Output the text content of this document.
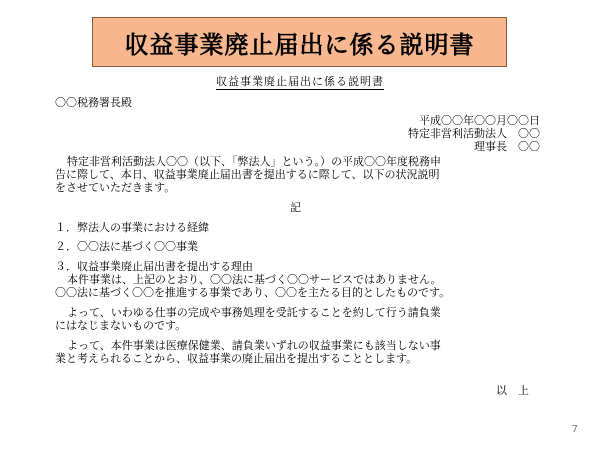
収益事業廃止届出に係る説明書
収益事業廃止届出に係る説明書
〇〇税務署長殿
平成〇〇年〇〇月〇〇日
特定非営利活動法人　〇〇
理事長　〇〇
特定非営利活動法人〇〇（以下、「弊法人」という。）の平成〇〇年度税務申
告に際して、本日、収益事業廃止届出書を提出するに際して、以下の状況説明
をさせていただきます。
記
１．弊法人の事業における経緯
２．〇〇法に基づく〇〇事業
３．収益事業廃止届出書を提出する理由
本件事業は、上記のとおり、〇〇法に基づく〇〇サービスではありません。
〇〇法に基づく〇〇を推進する事業であり、〇〇を主たる目的としたものです。
よって、いわゆる仕事の完成や事務処理を受託することを約して行う請負業
にはなじまないものです。
よって、本件事業は医療保健業、請負業いずれの収益事業にも該当しない事
業と考えられることから、収益事業の廃止届出を提出することとします。
以　上
7
